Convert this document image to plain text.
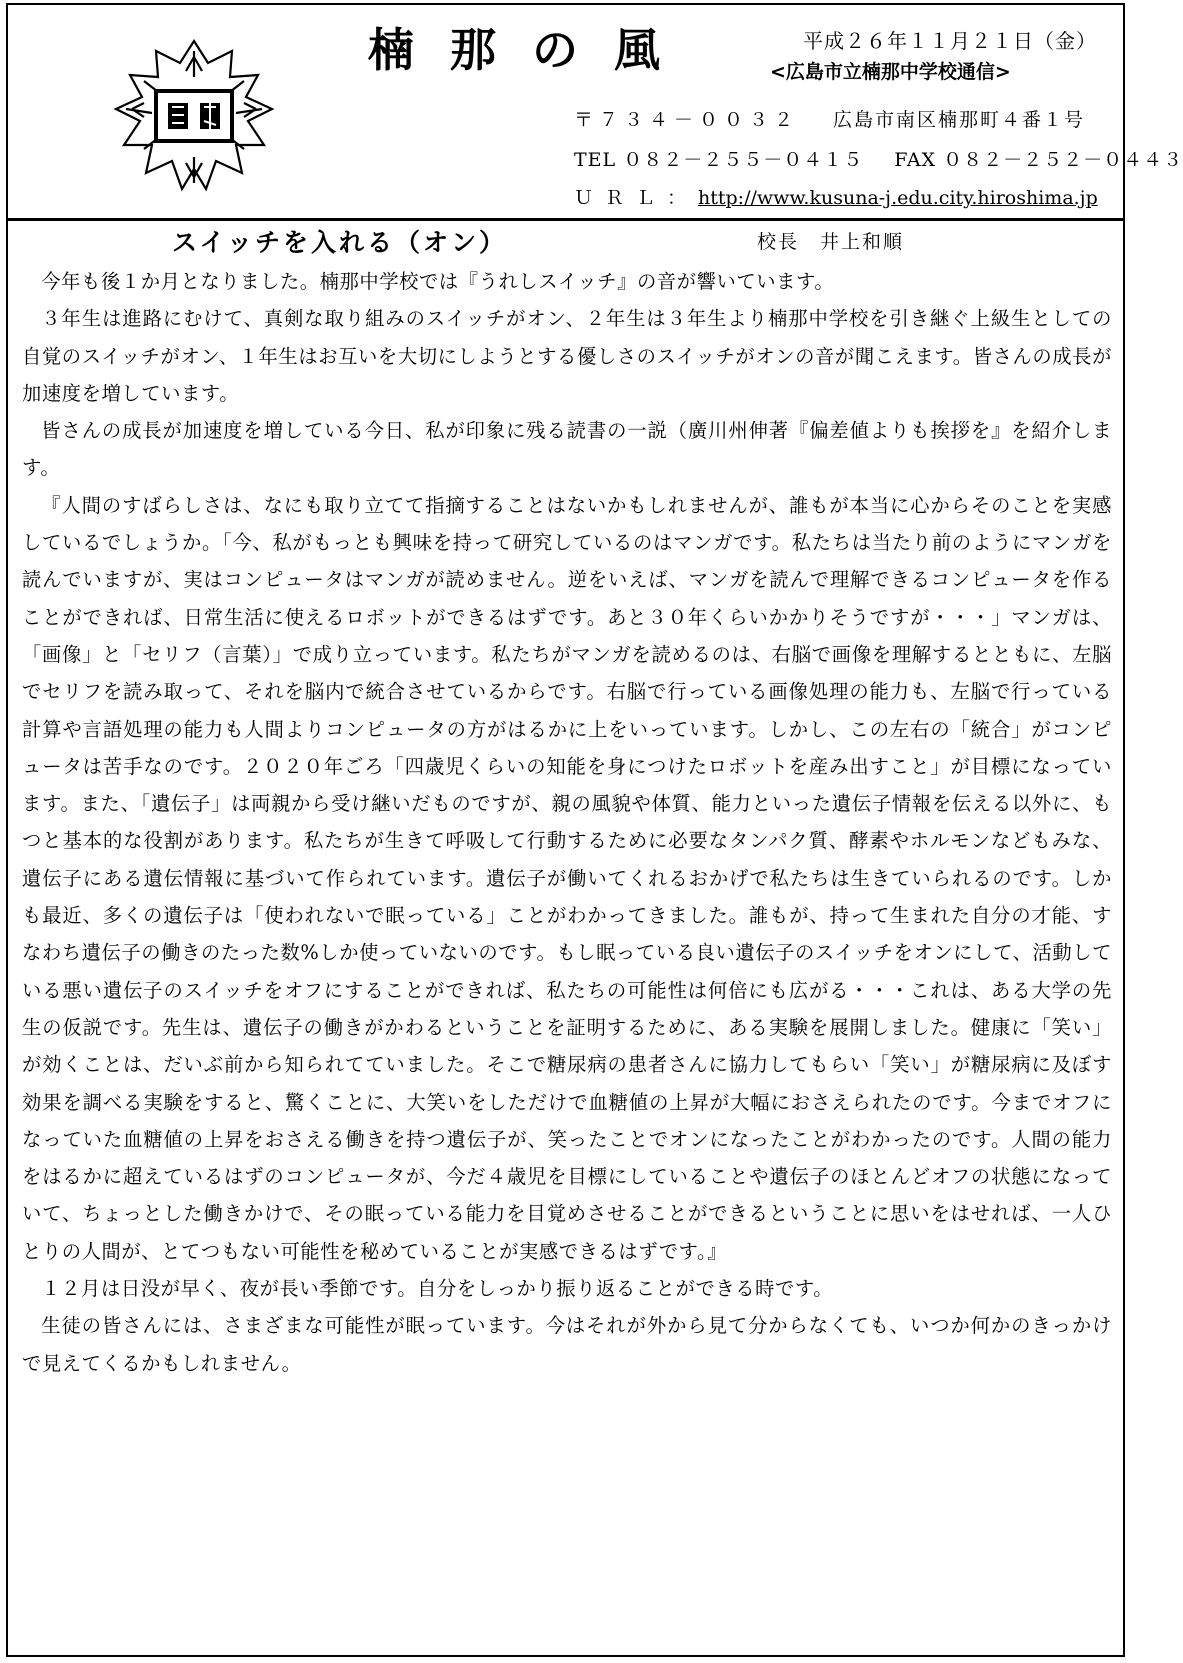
楠 那 の 風	平成２６年１１月２１日（金）
<広島市立楠那中学校通信>
〒７３４－００３２ 広島市南区楠那町４番１号
TEL ０８２－２５５－０４１５ FAX ０８２－２５２－０４４３
ＵＲＬ：http://www.kusuna-j.edu.city.hiroshima.jp
スイッチを入れる（オン）	校長　井上和順

今年も後１か月となりました。楠那中学校では『うれしスイッチ』の音が響いています。

３年生は進路にむけて、真剣な取り組みのスイッチがオン、２年生は３年生より楠那中学校を引き継ぐ上級生としての自覚のスイッチがオン、１年生はお互いを大切にしようとする優しさのスイッチがオンの音が聞こえます。皆さんの成長が加速度を増しています。

皆さんの成長が加速度を増している今日、私が印象に残る読書の一説（廣川州伸著『偏差値よりも挨拶を』を紹介します。

『人間のすばらしさは、なにも取り立てて指摘することはないかもしれませんが、誰もが本当に心からそのことを実感しているでしょうか。「今、私がもっとも興味を持って研究しているのはマンガです。私たちは当たり前のようにマンガを読んでいますが、実はコンピュータはマンガが読めません。逆をいえば、マンガを読んで理解できるコンピュータを作ることができれば、日常生活に使えるロボットができるはずです。あと３０年くらいかかりそうですが・・・」マンガは、「画像」と「セリフ（言葉）」で成り立っています。私たちがマンガを読めるのは、右脳で画像を理解するとともに、左脳でセリフを読み取って、それを脳内で統合させているからです。右脳で行っている画像処理の能力も、左脳で行っている計算や言語処理の能力も人間よりコンピュータの方がはるかに上をいっています。しかし、この左右の「統合」がコンピュータは苦手なのです。２０２０年ごろ「四歳児くらいの知能を身につけたロボットを産み出すこと」が目標になっています。また、「遺伝子」は両親から受け継いだものですが、親の風貌や体質、能力といった遺伝子情報を伝える以外に、もつと基本的な役割があります。私たちが生きて呼吸して行動するために必要なタンパク質、酵素やホルモンなどもみな、遺伝子にある遺伝情報に基づいて作られています。遺伝子が働いてくれるおかげで私たちは生きていられるのです。しかも最近、多くの遺伝子は「使われないで眠っている」ことがわかってきました。誰もが、持って生まれた自分の才能、すなわち遺伝子の働きのたった数%しか使っていないのです。もし眠っている良い遺伝子のスイッチをオンにして、活動している悪い遺伝子のスイッチをオフにすることができれば、私たちの可能性は何倍にも広がる・・・これは、ある大学の先生の仮説です。先生は、遺伝子の働きがかわるということを証明するために、ある実験を展開しました。健康に「笑い」が効くことは、だいぶ前から知られてていました。そこで糖尿病の患者さんに協力してもらい「笑い」が糖尿病に及ぼす効果を調べる実験をすると、驚くことに、大笑いをしただけで血糖値の上昇が大幅におさえられたのです。今までオフになっていた血糖値の上昇をおさえる働きを持つ遺伝子が、笑ったことでオンになったことがわかったのです。人間の能力をはるかに超えているはずのコンピュータが、今だ４歳児を目標にしていることや遺伝子のほとんどオフの状態になっていて、ちょっとした働きかけで、その眠っている能力を目覚めさせることができるということに思いをはせれば、一人ひとりの人間が、とてつもない可能性を秘めていることが実感できるはずです。』

１２月は日没が早く、夜が長い季節です。自分をしっかり振り返ることができる時です。

生徒の皆さんには、さまざまな可能性が眠っています。今はそれが外から見て分からなくても、いつか何かのきっかけで見えてくるかもしれません。
